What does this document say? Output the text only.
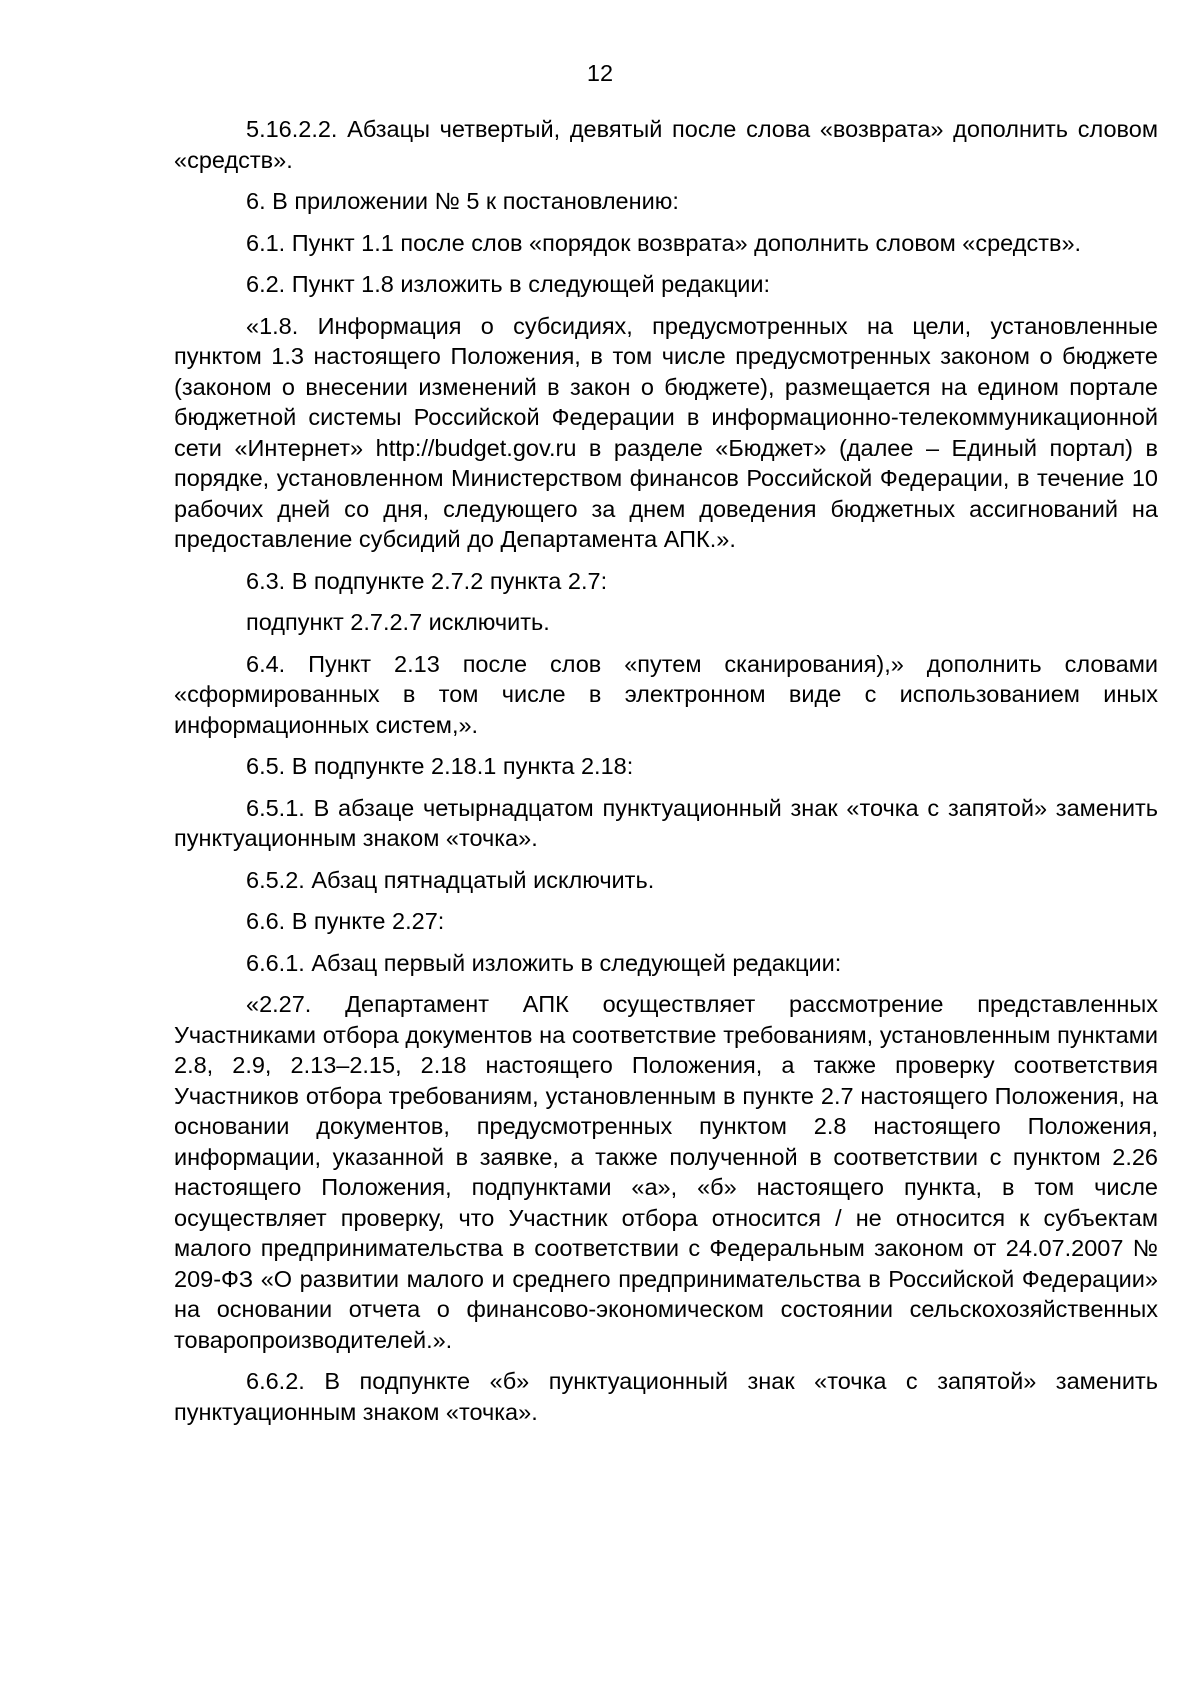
12

5.16.2.2. Абзацы четвертый, девятый после слова «возврата» дополнить словом «средств».

6. В приложении № 5 к постановлению:

6.1. Пункт 1.1 после слов «порядок возврата» дополнить словом «средств».

6.2. Пункт 1.8 изложить в следующей редакции:

«1.8. Информация о субсидиях, предусмотренных на цели, установленные пунктом 1.3 настоящего Положения, в том числе предусмотренных законом о бюджете (законом о внесении изменений в закон о бюджете), размещается на едином портале бюджетной системы Российской Федерации в информационно-телекоммуникационной сети «Интернет» http://budget.gov.ru в разделе «Бюджет» (далее – Единый портал) в порядке, установленном Министерством финансов Российской Федерации, в течение 10 рабочих дней со дня, следующего за днем доведения бюджетных ассигнований на предоставление субсидий до Департамента АПК.».

6.3. В подпункте 2.7.2 пункта 2.7:

подпункт 2.7.2.7 исключить.

6.4. Пункт 2.13 после слов «путем сканирования),» дополнить словами «сформированных в том числе в электронном виде с использованием иных информационных систем,».

6.5. В подпункте 2.18.1 пункта 2.18:

6.5.1. В абзаце четырнадцатом пунктуационный знак «точка с запятой» заменить пунктуационным знаком «точка».

6.5.2. Абзац пятнадцатый исключить.

6.6. В пункте 2.27:

6.6.1. Абзац первый изложить в следующей редакции:

«2.27. Департамент АПК осуществляет рассмотрение представленных Участниками отбора документов на соответствие требованиям, установленным пунктами 2.8, 2.9, 2.13–2.15, 2.18 настоящего Положения, а также проверку соответствия Участников отбора требованиям, установленным в пункте 2.7 настоящего Положения, на основании документов, предусмотренных пунктом 2.8 настоящего Положения, информации, указанной в заявке, а также полученной в соответствии с пунктом 2.26 настоящего Положения, подпунктами «а», «б» настоящего пункта, в том числе осуществляет проверку, что Участник отбора относится / не относится к субъектам малого предпринимательства в соответствии с Федеральным законом от 24.07.2007 № 209-ФЗ «О развитии малого и среднего предпринимательства в Российской Федерации» на основании отчета о финансово-экономическом состоянии сельскохозяйственных товаропроизводителей.».

6.6.2. В подпункте «б» пунктуационный знак «точка с запятой» заменить пунктуационным знаком «точка».
